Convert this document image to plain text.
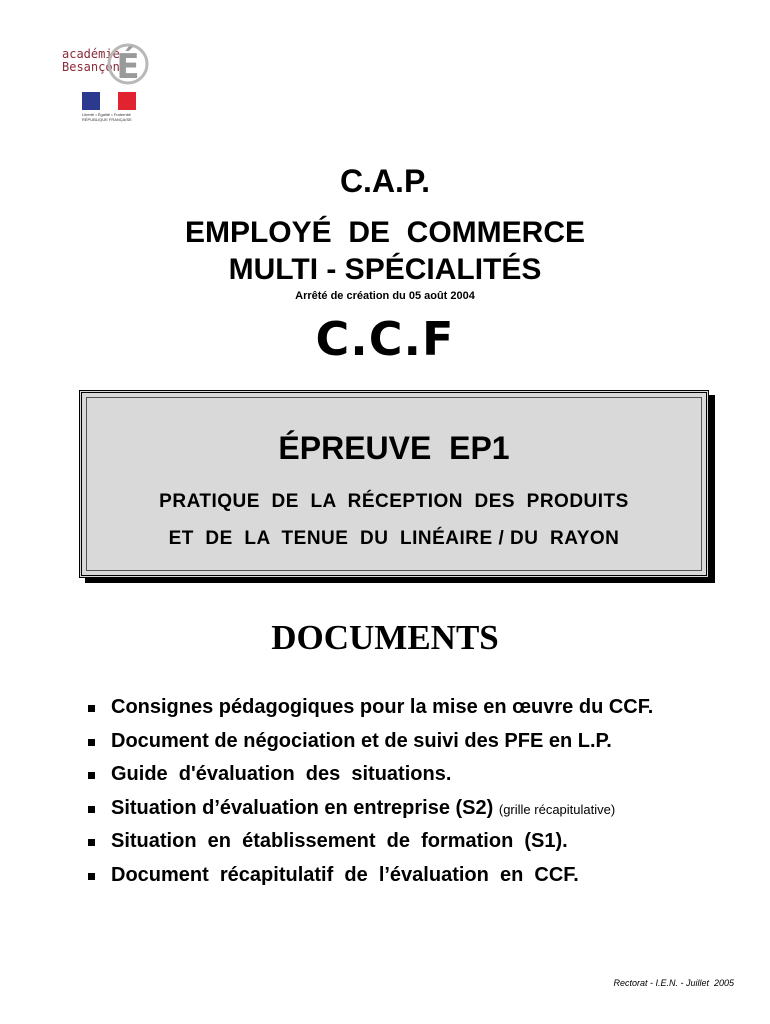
académie
Besançon
É
Liberté • Égalité • Fraternité
RÉPUBLIQUE FRANÇAISE
C.A.P.
EMPLOYÉ  DE  COMMERCE
MULTI - SPÉCIALITÉS
Arrêté de création du 05 août 2004
C.C.F
ÉPREUVE  EP1
PRATIQUE  DE  LA  RÉCEPTION  DES  PRODUITS
ET  DE  LA  TENUE  DU  LINÉAIRE / DU  RAYON
DOCUMENTS
Consignes pédagogiques pour la mise en œuvre du CCF.
Document de négociation et de suivi des PFE en L.P.
Guide  d'évaluation  des  situations.
Situation d’évaluation en entreprise (S2) (grille récapitulative)
Situation  en  établissement  de  formation  (S1).
Document  récapitulatif  de  l’évaluation  en  CCF.
Rectorat - I.E.N. - Juillet  2005
